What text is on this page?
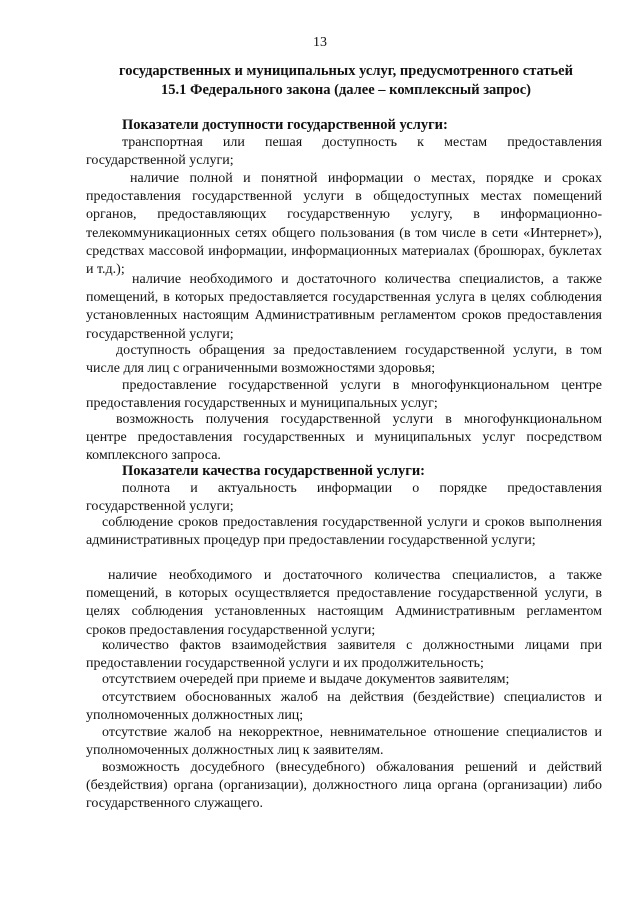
13
государственных и муниципальных услуг, предусмотренного статьей
15.1 Федерального закона (далее – комплексный запрос)
Показатели доступности государственной услуги:
транспортная или пешая доступность к местам предоставления государственной услуги;
наличие полной и понятной информации о местах, порядке и сроках предоставления государственной услуги в общедоступных местах помещений органов, предоставляющих государственную услугу, в информационно-телекоммуникационных сетях общего пользования (в том числе в сети «Интернет»), средствах массовой информации, информационных материалах (брошюрах, буклетах и т.д.);
наличие необходимого и достаточного количества специалистов, а также помещений, в которых предоставляется государственная услуга в целях соблюдения установленных настоящим Административным регламентом сроков предоставления государственной услуги;
доступность обращения за предоставлением государственной услуги, в том числе для лиц с ограниченными возможностями здоровья;
предоставление государственной услуги в многофункциональном центре предоставления государственных и муниципальных услуг;
возможность получения государственной услуги в многофункциональном центре предоставления государственных и муниципальных услуг посредством комплексного запроса.
Показатели качества государственной услуги:
полнота и актуальность информации о порядке предоставления государственной услуги;
соблюдение сроков предоставления государственной услуги и сроков выполнения административных процедур при предоставлении государственной услуги;
наличие необходимого и достаточного количества специалистов, а также помещений, в которых осуществляется предоставление государственной услуги, в целях соблюдения установленных настоящим Административным регламентом сроков предоставления государственной услуги;
количество фактов взаимодействия заявителя с должностными лицами при предоставлении государственной услуги и их продолжительность;
отсутствием очередей при приеме и выдаче документов заявителям;
отсутствием обоснованных жалоб на действия (бездействие) специалистов и уполномоченных должностных лиц;
отсутствие жалоб на некорректное, невнимательное отношение специалистов и уполномоченных должностных лиц к заявителям.
возможность досудебного (внесудебного) обжалования решений и действий (бездействия) органа (организации), должностного лица органа (организации) либо государственного служащего.
